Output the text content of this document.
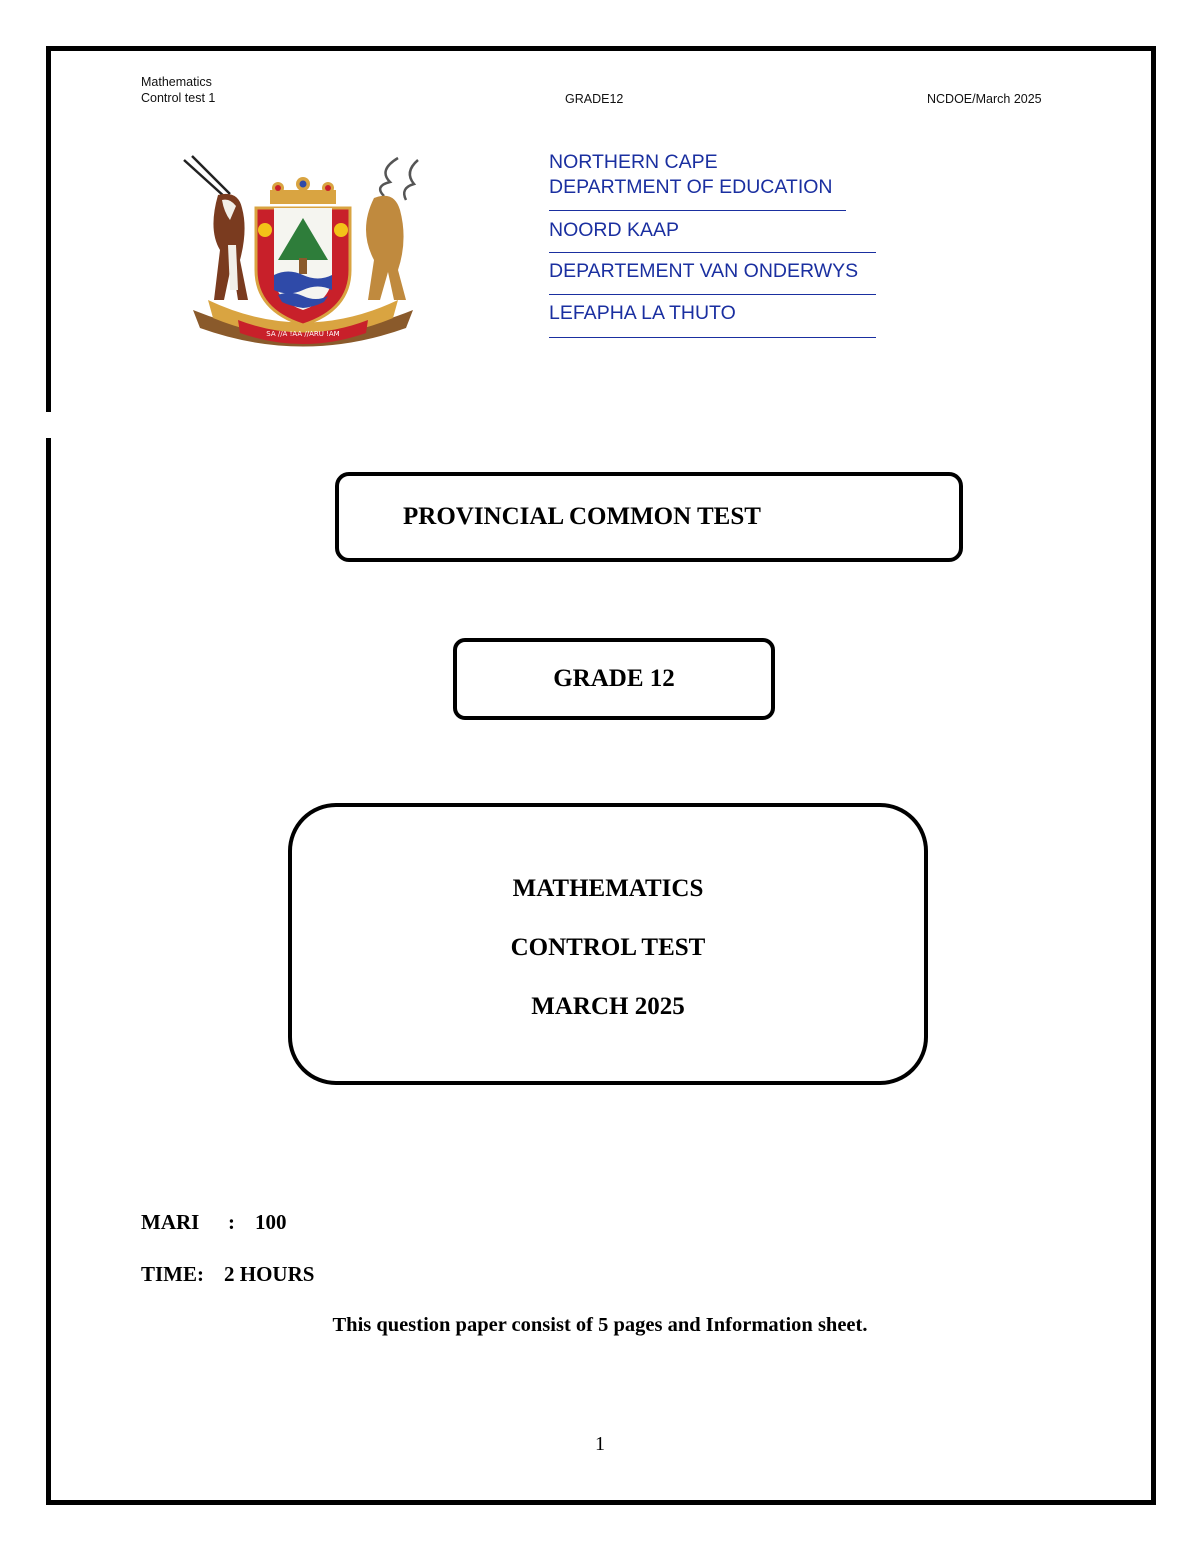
Mathematics
Control test 1	GRADE12	NCDOE/March 2025
SA //A !AA //ARU !AM
NORTHERN CAPE
DEPARTMENT OF EDUCATION
NOORD KAAP
DEPARTEMENT VAN ONDERWYS
LEFAPHA LA THUTO
PROVINCIAL COMMON TEST
GRADE 12
MATHEMATICS
CONTROL TEST
MARCH 2025
MARI : 100
TIME: 2 HOURS
This question paper consist of 5 pages and Information sheet.
1
